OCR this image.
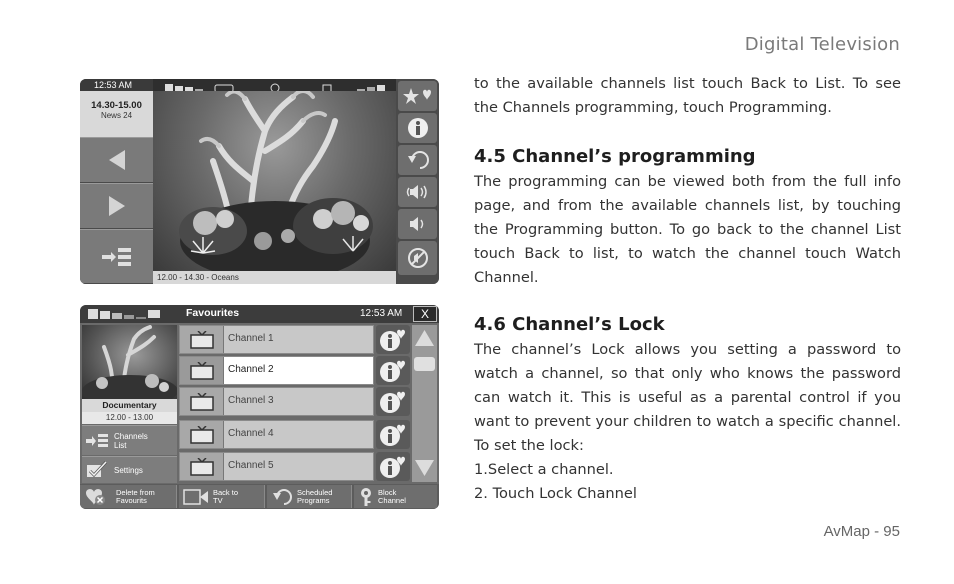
Digital Television
12:53 AM
14.30-15.00
News 24
12.00 - 14.30 - Oceans
Favourites	12:53 AM	X
Documentary
12.00 - 13.00
Channels List
Settings
Channel 1
Channel 2
Channel 3
Channel 4
Channel 5
Delete from Favourits
Back to TV
Scheduled Programs
Block Channel

to the available channels list touch Back to List. To see the Channels programming, touch Programming.

4.5 Channel’s programming

The programming can be viewed both from the full info page, and from the available channels list, by touching the Programming button. To go back to the channel List touch Back to list, to watch the channel touch Watch Channel.

4.6 Channel’s Lock

The channel’s Lock allows you setting a password to watch a channel, so that only who knows the password can watch it. This is useful as a parental control if you want to prevent your children to watch a specific channel. To set the lock:

1.Select a channel.

2. Touch Lock Channel

AvMap - 95
